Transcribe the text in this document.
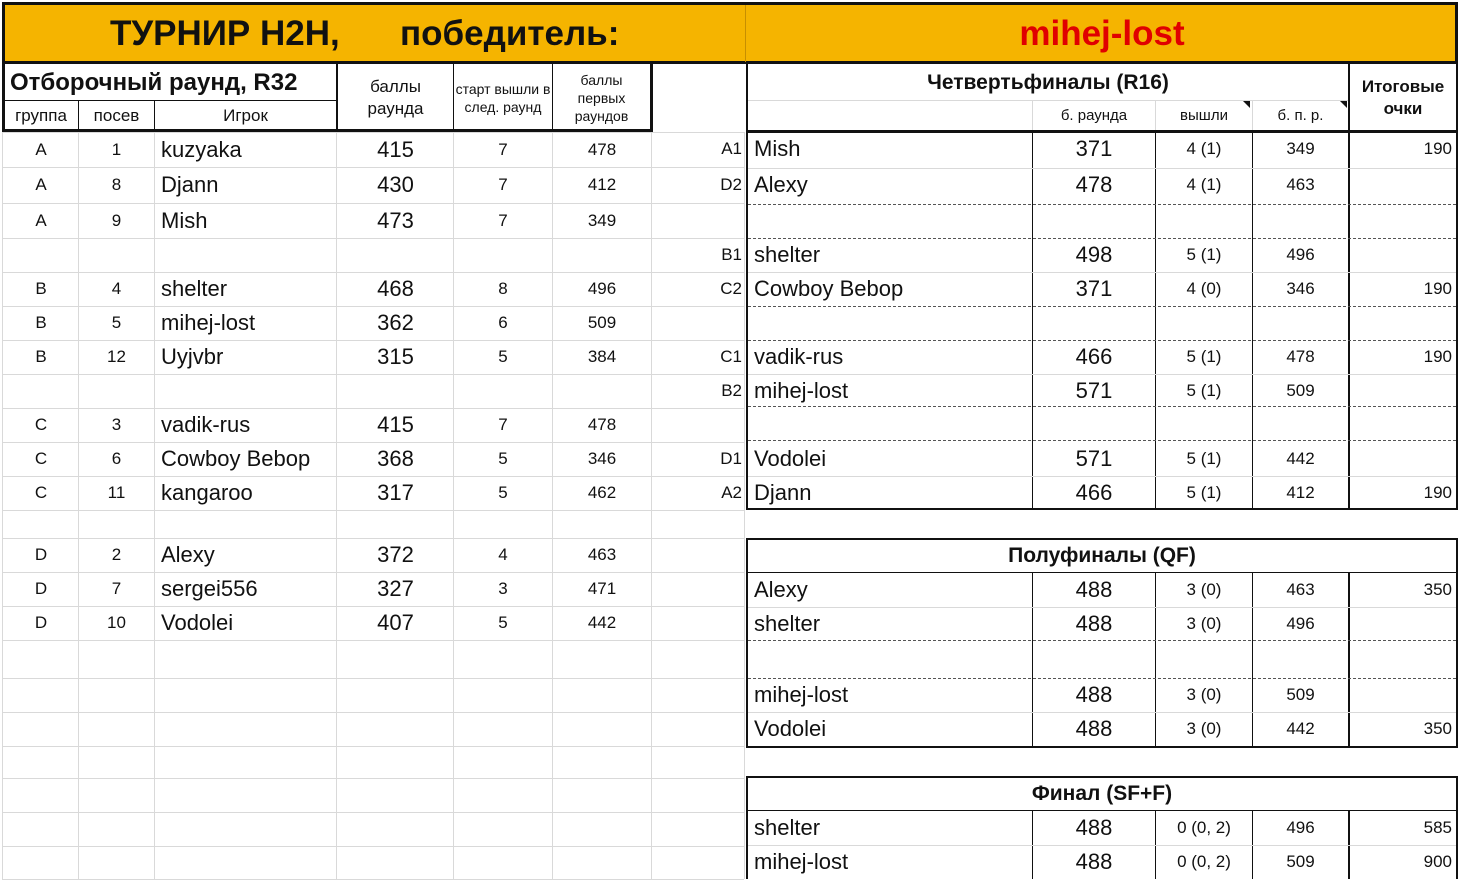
ТУРНИР H2H,	победитель:	mihej-lost
Отборочный раунд, R32
группа	посев	Игрок
баллы раунда
старт вышли в след. раунд
баллы первых раундов
A	1	kuzyaka	415	7	478
A	8	Djann	430	7	412
A	9	Mish	473	7	349
B	4	shelter	468	8	496
B	5	mihej-lost	362	6	509
B	12	Uyjvbr	315	5	384
C	3	vadik-rus	415	7	478
C	6	Cowboy Bebop	368	5	346
C	11	kangaroo	317	5	462
D	2	Alexy	372	4	463
D	7	sergei556	327	3	471
D	10	Vodolei	407	5	442
Четвертьфиналы (R16)
б. раунда	вышли	б. п. р.
Итоговые очки
A1 Mish	371	4 (1)	349	190
D2 Alexy	478	4 (1)	463
B1 shelter	498	5 (1)	496
C2 Cowboy Bebop	371	4 (0)	346	190
C1 vadik-rus	466	5 (1)	478	190
B2 mihej-lost	571	5 (1)	509
D1 Vodolei	571	5 (1)	442
A2 Djann	466	5 (1)	412	190
Полуфиналы (QF)
Alexy	488	3 (0)	463	350
shelter	488	3 (0)	496
mihej-lost	488	3 (0)	509
Vodolei	488	3 (0)	442	350
Финал (SF+F)
shelter	488	0 (0, 2)	496	585
mihej-lost	488	0 (0, 2)	509	900
